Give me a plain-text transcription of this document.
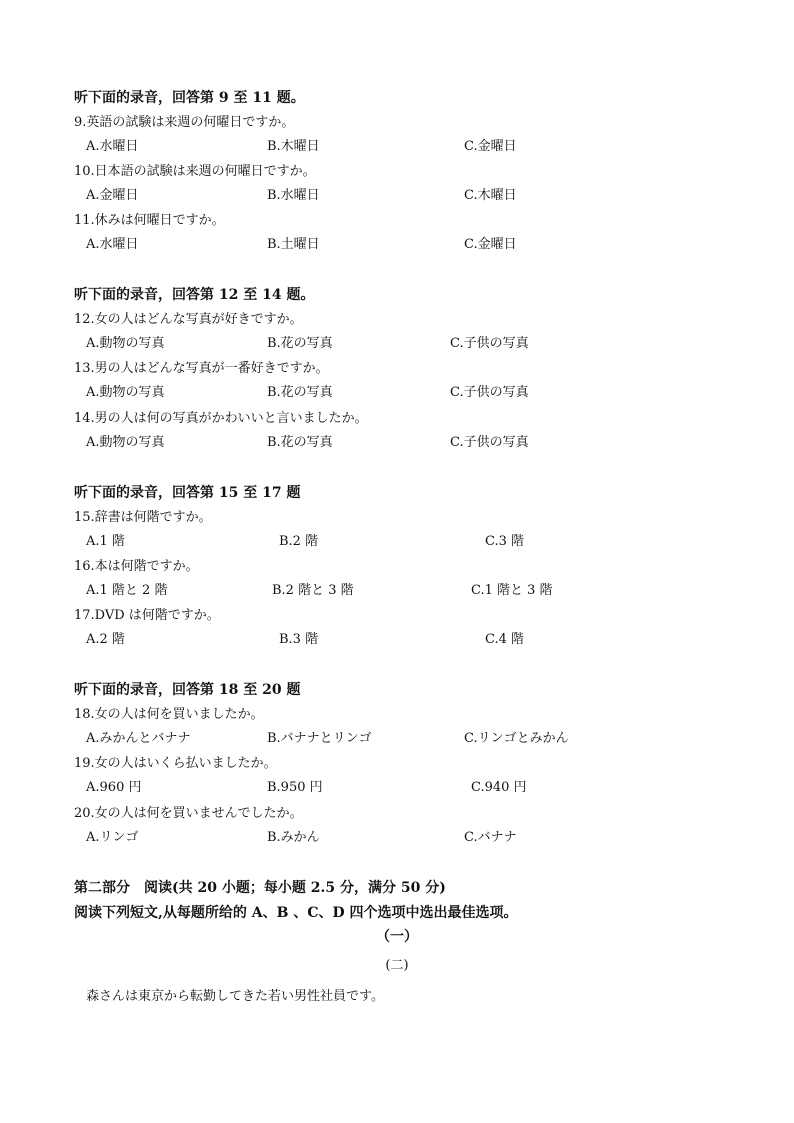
听下面的录音，回答第 9 至 11 题。
9.英語の試験は来週の何曜日ですか。
A.水曜日	B.木曜日	C.金曜日
10.日本語の試験は来週の何曜日ですか。
A.金曜日	B.水曜日	C.木曜日
11.休みは何曜日ですか。
A.水曜日	B.土曜日	C.金曜日
听下面的录音，回答第 12 至 14 题。
12.女の人はどんな写真が好きですか。
A.動物の写真	B.花の写真	C.子供の写真
13.男の人はどんな写真が一番好きですか。
A.動物の写真	B.花の写真	C.子供の写真
14.男の人は何の写真がかわいいと言いましたか。
A.動物の写真	B.花の写真	C.子供の写真
听下面的录音，回答第 15 至 17 题
15.辞書は何階ですか。
A.1 階	B.2 階	C.3 階
16.本は何階ですか。
A.1 階と 2 階	B.2 階と 3 階	C.1 階と 3 階
17.DVD は何階ですか。
A.2 階	B.3 階	C.4 階
听下面的录音，回答第 18 至 20 题
18.女の人は何を買いましたか。
A.みかんとバナナ	B.バナナとリンゴ	C.リンゴとみかん
19.女の人はいくら払いましたか。
A.960 円	B.950 円	C.940 円
20.女の人は何を買いませんでしたか。
A.リンゴ	B.みかん	C.バナナ
第二部分　阅读(共 20 小题；每小题 2.5 分，满分 50 分)
阅读下列短文,从每题所给的 A、B 、C、D 四个选项中选出最佳选项。
（一）
(二)
森さんは東京から転勤してきた若い男性社員です。
